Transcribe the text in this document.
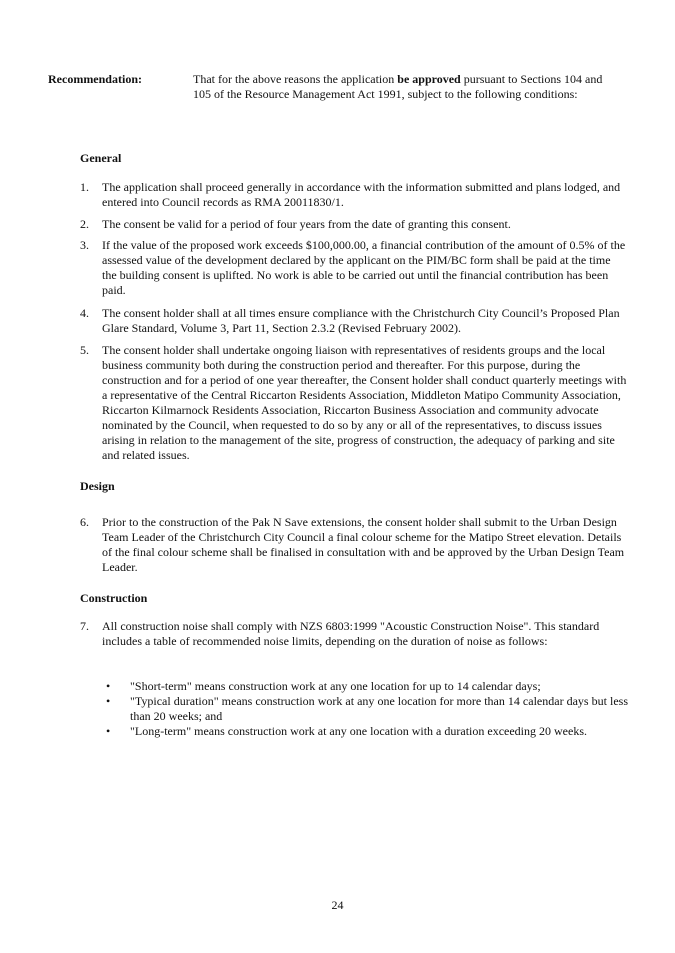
Recommendation:	That for the above reasons the application be approved pursuant to Sections 104 and 105 of the Resource Management Act 1991, subject to the following conditions:
General
1. The application shall proceed generally in accordance with the information submitted and plans lodged, and entered into Council records as RMA 20011830/1.
2. The consent be valid for a period of four years from the date of granting this consent.
3. If the value of the proposed work exceeds $100,000.00, a financial contribution of the amount of 0.5% of the assessed value of the development declared by the applicant on the PIM/BC form shall be paid at the time the building consent is uplifted. No work is able to be carried out until the financial contribution has been paid.
4. The consent holder shall at all times ensure compliance with the Christchurch City Council’s Proposed Plan Glare Standard, Volume 3, Part 11, Section 2.3.2 (Revised February 2002).
5. The consent holder shall undertake ongoing liaison with representatives of residents groups and the local business community both during the construction period and thereafter. For this purpose, during the construction and for a period of one year thereafter, the Consent holder shall conduct quarterly meetings with a representative of the Central Riccarton Residents Association, Middleton Matipo Community Association, Riccarton Kilmarnock Residents Association, Riccarton Business Association and community advocate nominated by the Council, when requested to do so by any or all of the representatives, to discuss issues arising in relation to the management of the site, progress of construction, the adequacy of parking and site and related issues.
Design
6. Prior to the construction of the Pak N Save extensions, the consent holder shall submit to the Urban Design Team Leader of the Christchurch City Council a final colour scheme for the Matipo Street elevation. Details of the final colour scheme shall be finalised in consultation with and be approved by the Urban Design Team Leader.
Construction
7. All construction noise shall comply with NZS 6803:1999 "Acoustic Construction Noise". This standard includes a table of recommended noise limits, depending on the duration of noise as follows:
• "Short-term" means construction work at any one location for up to 14 calendar days;
• "Typical duration" means construction work at any one location for more than 14 calendar days but less than 20 weeks; and
• "Long-term" means construction work at any one location with a duration exceeding 20 weeks.
24
